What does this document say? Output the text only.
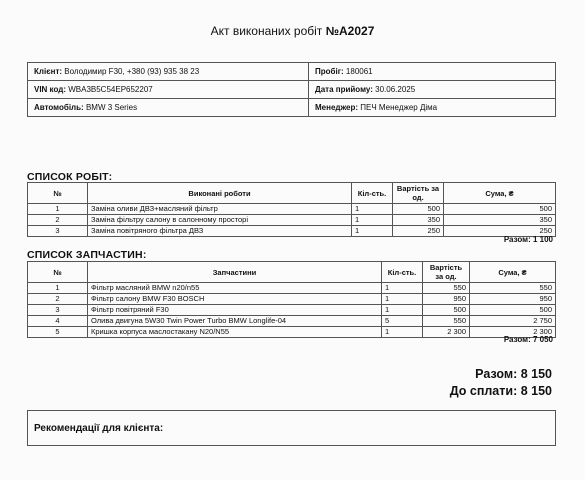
Акт виконаних робіт №A2027
Клієнт: Володимир F30, +380 (93) 935 38 23	Пробіг: 180061
VIN код: WBA3B5C54EP652207	Дата прийому: 30.06.2025
Автомобіль: BMW 3 Series	Менеджер: ПЕЧ Менеджер Діма
СПИСОК РОБІТ:
№	Виконані роботи	Кіл-сть.	Вартість за од.	Сума, ₴
1	Заміна оливи ДВЗ+масляний фільтр	1	500	500
2	Заміна фільтру салону в салонному просторі	1	350	350
3	Заміна повітряного фільтра ДВЗ	1	250	250
Разом: 1 100
СПИСОК ЗАПЧАСТИН:
№	Запчастини	Кіл-сть.	Вартість за од.	Сума, ₴
1	Фільтр масляний BMW n20/n55	1	550	550
2	Фільтр салону BMW F30 BOSCH	1	950	950
3	Фільтр повітряний F30	1	500	500
4	Олива двигуна 5W30 Twin Power Turbo BMW Longlife-04	5	550	2 750
5	Кришка корпуса маслостакану N20/N55	1	2 300	2 300
Разом: 7 050
Разом: 8 150
До сплати: 8 150
Рекомендації для клієнта:
